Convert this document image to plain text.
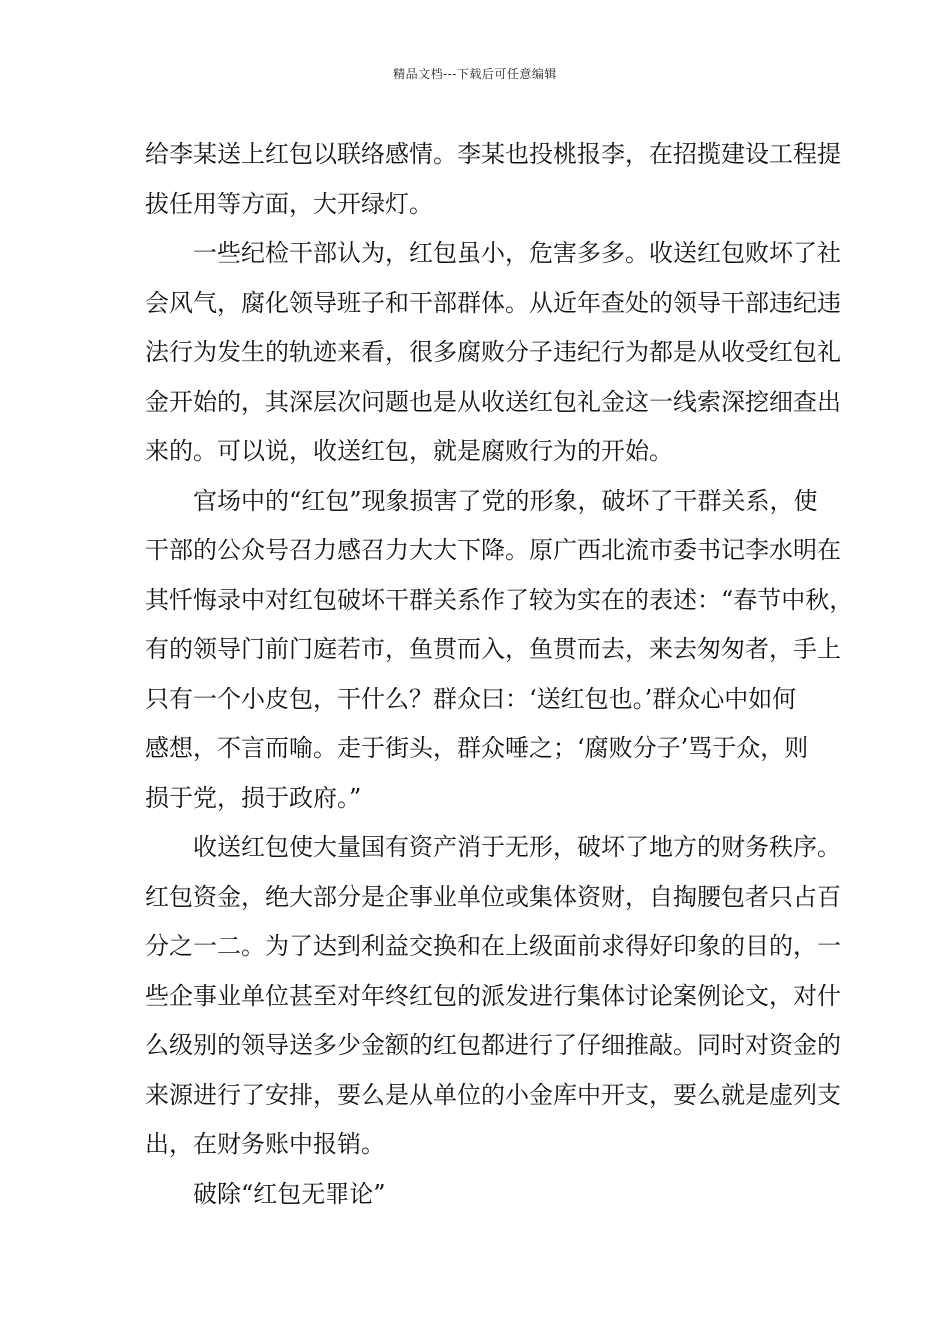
精品文档---下载后可任意编辑
给李某送上红包以联络感情。李某也投桃报李，在招揽建设工程提
拔任用等方面，大开绿灯。
一些纪检干部认为，红包虽小，危害多多。收送红包败坏了社
会风气，腐化领导班子和干部群体。从近年查处的领导干部违纪违
法行为发生的轨迹来看，很多腐败分子违纪行为都是从收受红包礼
金开始的，其深层次问题也是从收送红包礼金这一线索深挖细查出
来的。可以说，收送红包，就是腐败行为的开始。
官场中的“红包”现象损害了党的形象，破坏了干群关系，使
干部的公众号召力感召力大大下降。原广西北流市委书记李水明在
其忏悔录中对红包破坏干群关系作了较为实在的表述：“春节中秋，
有的领导门前门庭若市，鱼贯而入，鱼贯而去，来去匆匆者，手上
只有一个小皮包，干什么？群众曰：‘送红包也。’群众心中如何
感想，不言而喻。走于街头，群众唾之；‘腐败分子’骂于众，则
损于党，损于政府。”
收送红包使大量国有资产消于无形，破坏了地方的财务秩序。
红包资金，绝大部分是企事业单位或集体资财，自掏腰包者只占百
分之一二。为了达到利益交换和在上级面前求得好印象的目的，一
些企事业单位甚至对年终红包的派发进行集体讨论案例论文，对什
么级别的领导送多少金额的红包都进行了仔细推敲。同时对资金的
来源进行了安排，要么是从单位的小金库中开支，要么就是虚列支
出，在财务账中报销。
破除“红包无罪论”
